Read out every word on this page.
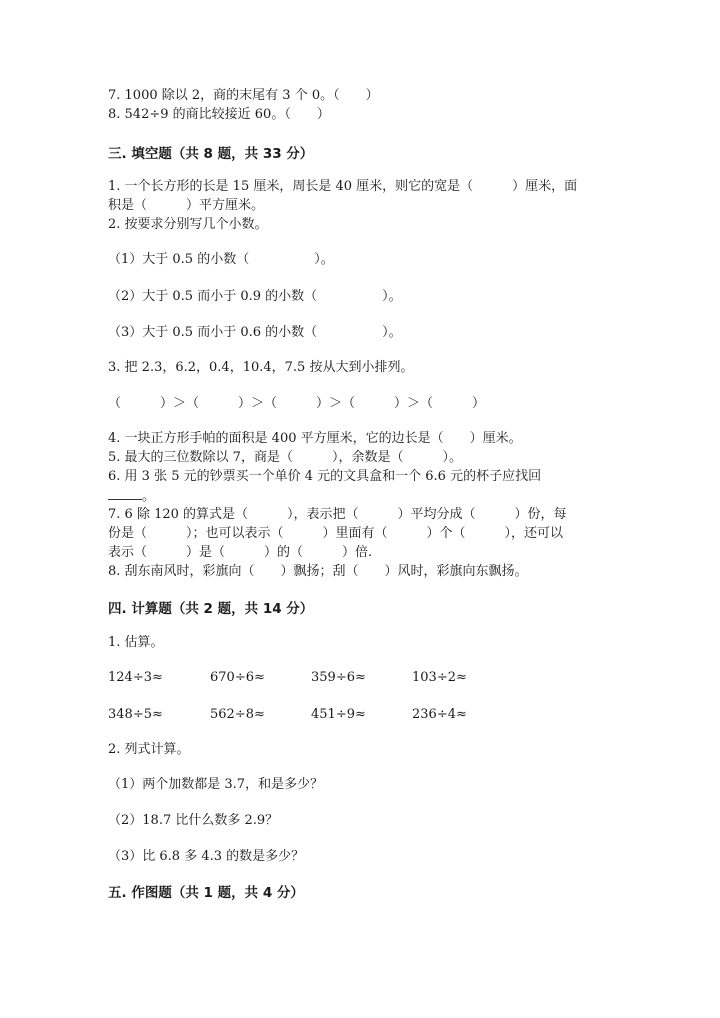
7. 1000 除以 2，商的末尾有 3 个 0。（　　）
8. 542÷9 的商比较接近 60。（　　）
三. 填空题（共 8 题，共 33 分）
1. 一个长方形的长是 15 厘米，周长是 40 厘米，则它的宽是（　　　）厘米，面
积是（　　　）平方厘米。
2. 按要求分别写几个小数。
（1）大于 0.5 的小数（　　　　　）。
（2）大于 0.5 而小于 0.9 的小数（　　　　　）。
（3）大于 0.5 而小于 0.6 的小数（　　　　　）。
3. 把 2.3，6.2，0.4，10.4，7.5 按从大到小排列。
（　　　）＞（　　　）＞（　　　）＞（　　　）＞（　　　）
4. 一块正方形手帕的面积是 400 平方厘米，它的边长是（　　）厘米。
5. 最大的三位数除以 7，商是（　　　），余数是（　　　）。
6. 用 3 张 5 元的钞票买一个单价 4 元的文具盒和一个 6.6 元的杯子应找回
。
7. 6 除 120 的算式是（　　　），表示把（　　　）平均分成（　　　）份，每
份是（　　　）；也可以表示（　　　）里面有（　　　）个（　　　），还可以
表示（　　　）是（　　　）的（　　　）倍.
8. 刮东南风时，彩旗向（　　）飘扬；刮（　　）风时，彩旗向东飘扬。
四. 计算题（共 2 题，共 14 分）
1. 估算。
124÷3≈	670÷6≈	359÷6≈	103÷2≈
348÷5≈	562÷8≈	451÷9≈	236÷4≈
2. 列式计算。
（1）两个加数都是 3.7，和是多少？
（2）18.7 比什么数多 2.9？
（3）比 6.8 多 4.3 的数是多少？
五. 作图题（共 1 题，共 4 分）
